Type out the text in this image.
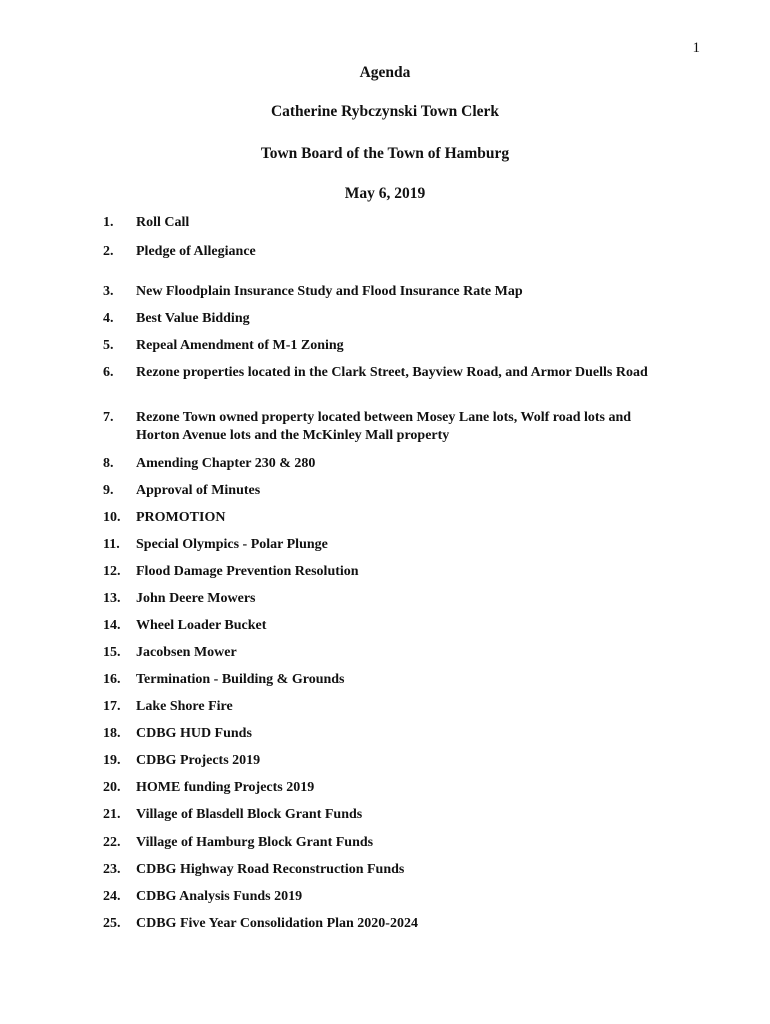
1
Agenda
Catherine Rybczynski Town Clerk
Town Board of the Town of Hamburg
May 6, 2019
1. Roll Call
2. Pledge of Allegiance
3. New Floodplain Insurance Study and Flood Insurance Rate Map
4. Best Value Bidding
5. Repeal Amendment of M-1 Zoning
6. Rezone properties located in the Clark Street, Bayview Road, and Armor Duells Road
7. Rezone Town owned property located between Mosey Lane lots, Wolf road lots and Horton Avenue lots and the McKinley Mall property
8. Amending Chapter 230 & 280
9. Approval of Minutes
10. PROMOTION
11. Special Olympics - Polar Plunge
12. Flood Damage Prevention Resolution
13. John Deere Mowers
14. Wheel Loader Bucket
15. Jacobsen Mower
16. Termination - Building & Grounds
17. Lake Shore Fire
18. CDBG HUD Funds
19. CDBG Projects 2019
20. HOME funding Projects 2019
21. Village of Blasdell Block Grant Funds
22. Village of Hamburg Block Grant Funds
23. CDBG Highway Road Reconstruction Funds
24. CDBG Analysis Funds 2019
25. CDBG Five Year Consolidation Plan 2020-2024
